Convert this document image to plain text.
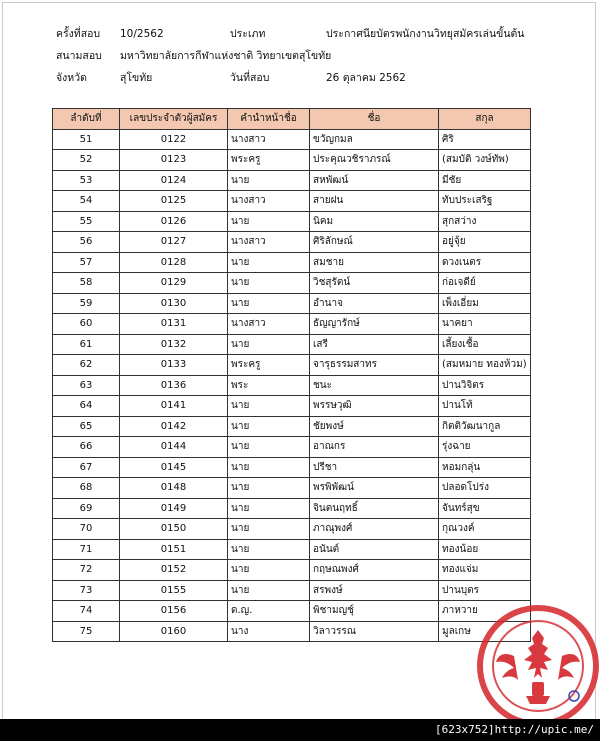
ครั้งที่สอบ 10/2562	ประเภท	ประกาศนียบัตรพนักงานวิทยุสมัครเล่นขั้นต้น
สนามสอบ มหาวิทยาลัยการกีฬาแห่งชาติ วิทยาเขตสุโขทัย
จังหวัด	สุโขทัย	วันที่สอบ	26 ตุลาคม 2562
ลำดับที่	เลขประจำตัวผู้สมัคร	คำนำหน้าชื่อ	ชื่อ	สกุล
51	0122	นางสาว	ขวัญกมล	ศิริ
52	0123	พระครู	ประคุณวชิราภรณ์	(สมบัติ วงษ์ทัพ)
53	0124	นาย	สหพัฒน์	มีชัย
54	0125	นางสาว	สายฝน	ทับประเสริฐ
55	0126	นาย	นิคม	สุกสว่าง
56	0127	นางสาว	ศิริลักษณ์	อยู่จุ้ย
57	0128	นาย	สมชาย	ดวงเนตร
58	0129	นาย	วิชสุรัตน์	ก่อเจดีย์
59	0130	นาย	อำนาจ	เพ็งเอี่ยม
60	0131	นางสาว	ธัญญารักษ์	นาคยา
61	0132	นาย	เสรี	เลี้ยงเชื้อ
62	0133	พระครู	จารุธรรมสาทร	(สมหมาย ทองห้วม)
63	0136	พระ	ชนะ	ปานวิจิตร
64	0141	นาย	พรรษวุฒิ	ปานโท้
65	0142	นาย	ชัยพงษ์	กิตติวัฒนากูล
66	0144	นาย	อาณกร	รุ่งฉาย
67	0145	นาย	ปรีชา	หอมกลุ่น
68	0148	นาย	พรพิพัฒน์	ปลอดโปร่ง
69	0149	นาย	จินตนฤทธิ์	จันทร์สุข
70	0150	นาย	ภาณุพงศ์	กุณวงค์
71	0151	นาย	อนันต์	ทองน้อย
72	0152	นาย	กฤษณพงศ์	ทองแจ่ม
73	0155	นาย	สรพงษ์	ปานบุตร
74	0156	ด.ญ.	พิชามญชุ์	ภาหวาย
75	0160	นาง	วิลาวรรณ	มูลเกษ
[623x752]http://upic.me/
